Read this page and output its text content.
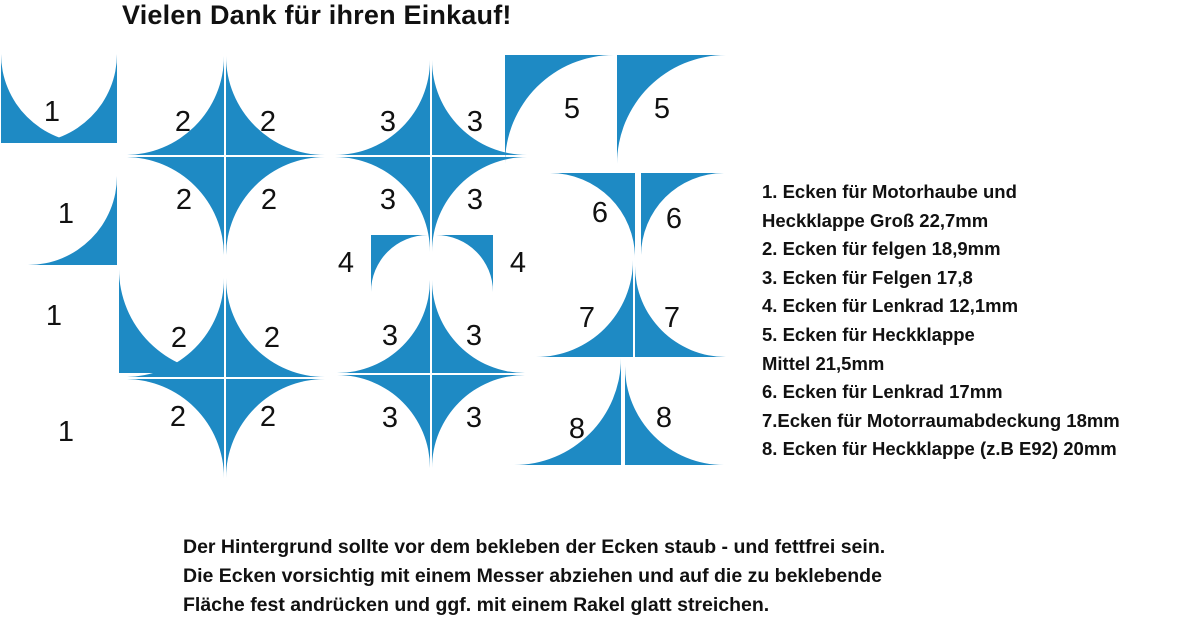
Vielen Dank für ihren Einkauf!
1
1
1
1
2 2
2 2
2	2
2	2
3 3
3 3
3 3
3 3
4	4
5	5
6 6
7 7
8 8
1. Ecken für Motorhaube und
Heckklappe Groß 22,7mm
2. Ecken für felgen 18,9mm
3. Ecken für Felgen 17,8
4. Ecken für Lenkrad 12,1mm
5. Ecken für Heckklappe
Mittel 21,5mm
6. Ecken für Lenkrad 17mm
7.Ecken für Motorraumabdeckung 18mm
8. Ecken für Heckklappe (z.B E92) 20mm
Der Hintergrund sollte vor dem bekleben der Ecken staub - und fettfrei sein.
Die Ecken vorsichtig mit einem Messer abziehen und auf die zu beklebende
Fläche fest andrücken und ggf. mit einem Rakel glatt streichen.
